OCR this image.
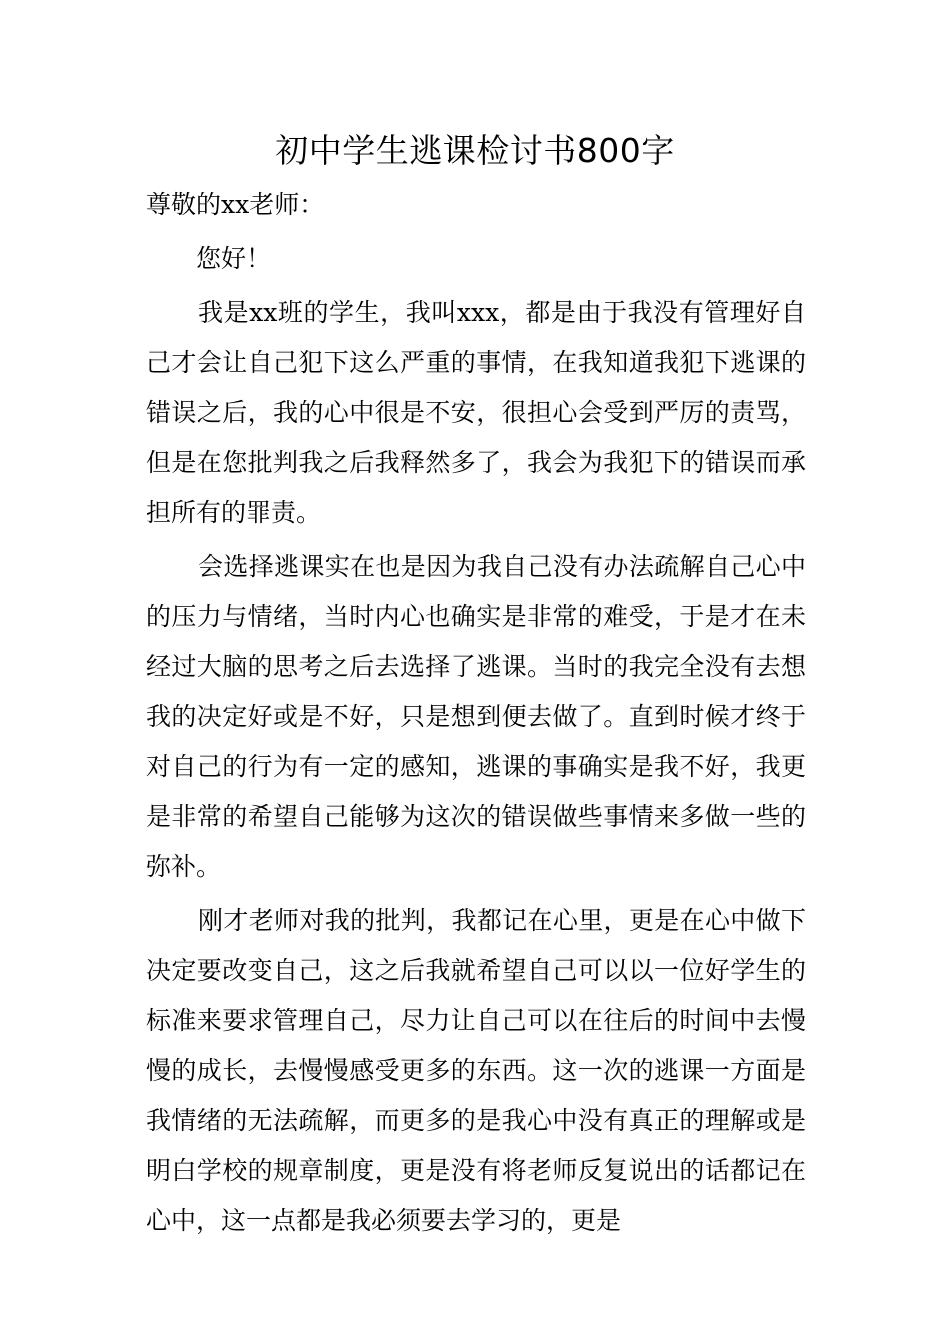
初中学生逃课检讨书800字

尊敬的xx老师：

您好！

我是xx班的学生，我叫xxx，都是由于我没有管理好自己才会让自己犯下这么严重的事情，在我知道我犯下逃课的错误之后，我的心中很是不安，很担心会受到严厉的责骂，但是在您批判我之后我释然多了，我会为我犯下的错误而承担所有的罪责。

会选择逃课实在也是因为我自己没有办法疏解自己心中的压力与情绪，当时内心也确实是非常的难受，于是才在未经过大脑的思考之后去选择了逃课。当时的我完全没有去想我的决定好或是不好，只是想到便去做了。直到时候才终于对自己的行为有一定的感知，逃课的事确实是我不好，我更是非常的希望自己能够为这次的错误做些事情来多做一些的弥补。

刚才老师对我的批判，我都记在心里，更是在心中做下决定要改变自己，这之后我就希望自己可以以一位好学生的标准来要求管理自己，尽力让自己可以在往后的时间中去慢慢的成长，去慢慢感受更多的东西。这一次的逃课一方面是我情绪的无法疏解，而更多的是我心中没有真正的理解或是明白学校的规章制度，更是没有将老师反复说出的话都记在心中，这一点都是我必须要去学习的，更是
